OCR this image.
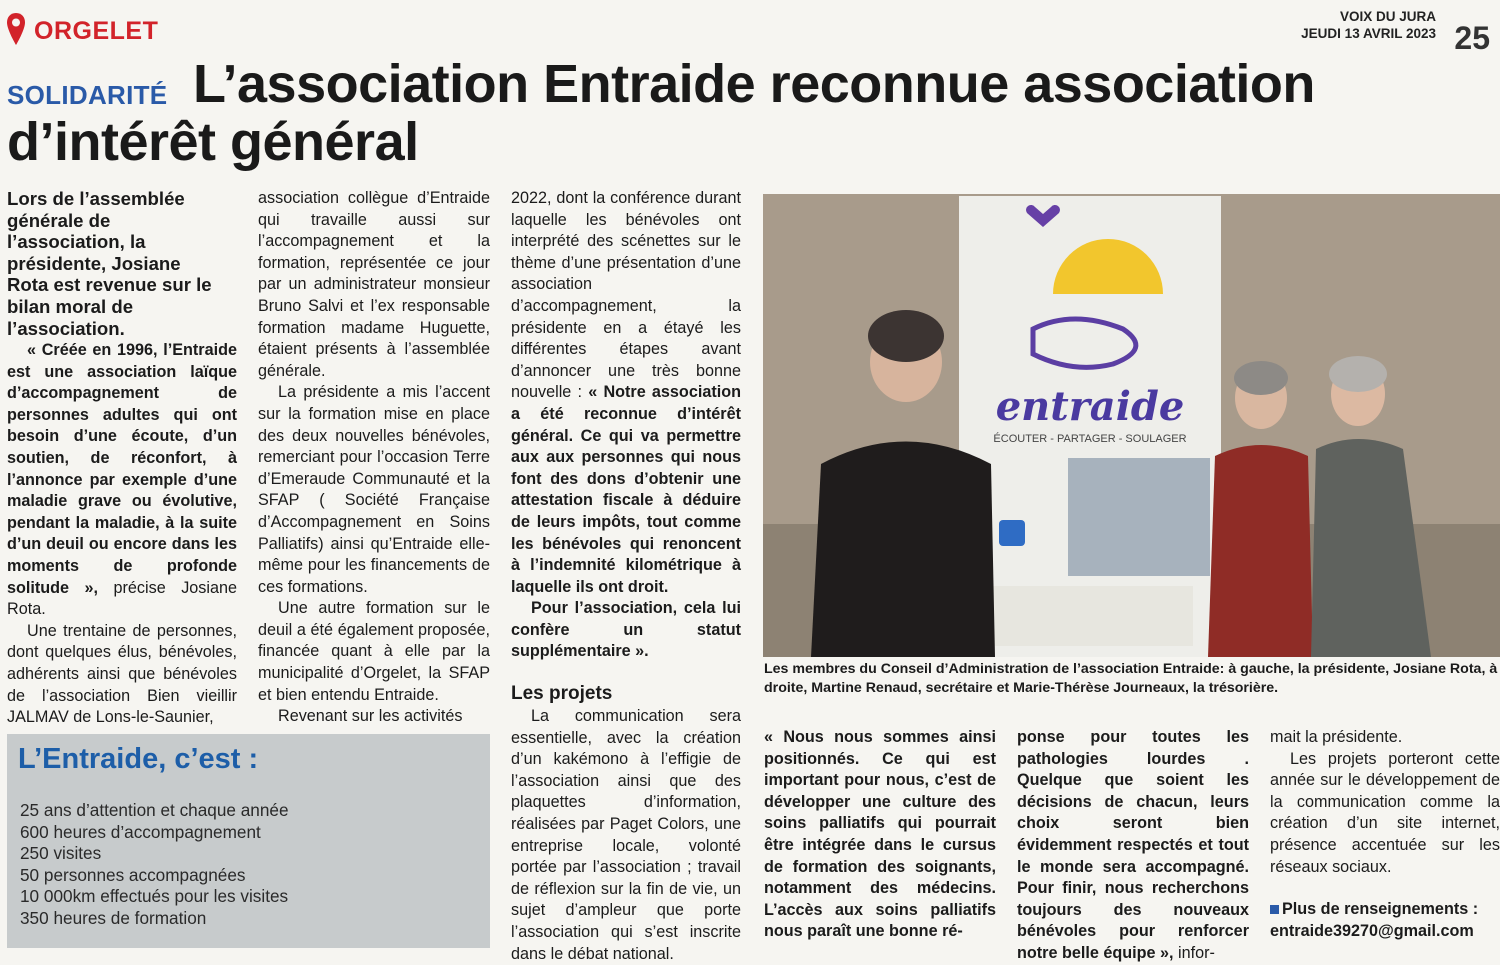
ORGELET
VOIX DU JURA
JEUDI 13 AVRIL 2023 25
L’association Entraide reconnue association d’intérêt général
SOLIDARITÉ
Lors de l’assemblée générale de l’association, la présidente, Josiane Rota est revenue sur le bilan moral de l’association.

« Créée en 1996, l’Entraide est une association laïque d’accompagnement de personnes adultes qui ont besoin d’une écoute, d’un soutien, de réconfort, à l’annonce par exemple d’une maladie grave ou évolutive, pendant la maladie, à la suite d’un deuil ou encore dans les moments de profonde solitude », précise Josiane Rota.

Une trentaine de personnes, dont quelques élus, bénévoles, adhérents ainsi que bénévoles de l’association Bien vieillir JALMAV de Lons-le-Saunier,

association collègue d’Entraide qui travaille aussi sur l’accompagnement et la formation, représentée ce jour par un administrateur monsieur Bruno Salvi et l’ex responsable formation madame Huguette, étaient présents à l’assemblée générale.

La présidente a mis l’accent sur la formation mise en place des deux nouvelles bénévoles, remerciant pour l’occasion Terre d’Emeraude Communauté et la SFAP ( Société Française d’Accompagnement en Soins Palliatifs) ainsi qu’Entraide elle-même pour les financements de ces formations.

Une autre formation sur le deuil a été également proposée, financée quant à elle par la municipalité d’Orgelet, la SFAP et bien entendu Entraide.

Revenant sur les activités

2022, dont la conférence durant laquelle les bénévoles ont interprété des scénettes sur le thème d’une présentation d’une association d’accompagnement, la présidente en a étayé les différentes étapes avant d’annoncer une très bonne nouvelle : « Notre association a été reconnue d’intérêt général. Ce qui va permettre aux aux personnes qui nous font des dons d’obtenir une attestation fiscale à déduire de leurs impôts, tout comme les bénévoles qui renoncent à l’indemnité kilométrique à laquelle ils ont droit.

Pour l’association, cela lui confère un statut supplémentaire ».

Les projets

La communication sera essentielle, avec la création d’un kakémono à l’effigie de l’association ainsi que des plaquettes d’information, réalisées par Paget Colors, une entreprise locale, volonté portée par l’association ; travail de réflexion sur la fin de vie, un sujet d’ampleur que porte l’association qui s’est inscrite dans le débat national.

entraide
ÉCOUTER - PARTAGER - SOULAGER
Les membres du Conseil d’Administration de l’association Entraide: à gauche, la présidente, Josiane Rota, à droite, Martine Renaud, secrétaire et Marie-Thérèse Journeaux, la trésorière.
« Nous nous sommes ainsi positionnés. Ce qui est important pour nous, c’est de développer une culture des soins palliatifs qui pourrait être intégrée dans le cursus de formation des soignants, notamment des médecins. L’accès aux soins palliatifs nous paraît une bonne ré-

ponse pour toutes les pathologies lourdes . Quelque que soient les décisions de chacun, leurs choix seront bien évidemment respectés et tout le monde sera accompagné. Pour finir, nous recherchons toujours des nouveaux bénévoles pour renforcer notre belle équipe », infor-

mait la présidente.

Les projets porteront cette année sur le développement de la communication comme la création d’un site internet, présence accentuée sur les réseaux sociaux.

Plus de renseignements :
entraide39270@gmail.com
L’Entraide, c’est :
25 ans d’attention et chaque année
600 heures d’accompagnement
250 visites
50 personnes accompagnées
10 000km effectués pour les visites
350 heures de formation
